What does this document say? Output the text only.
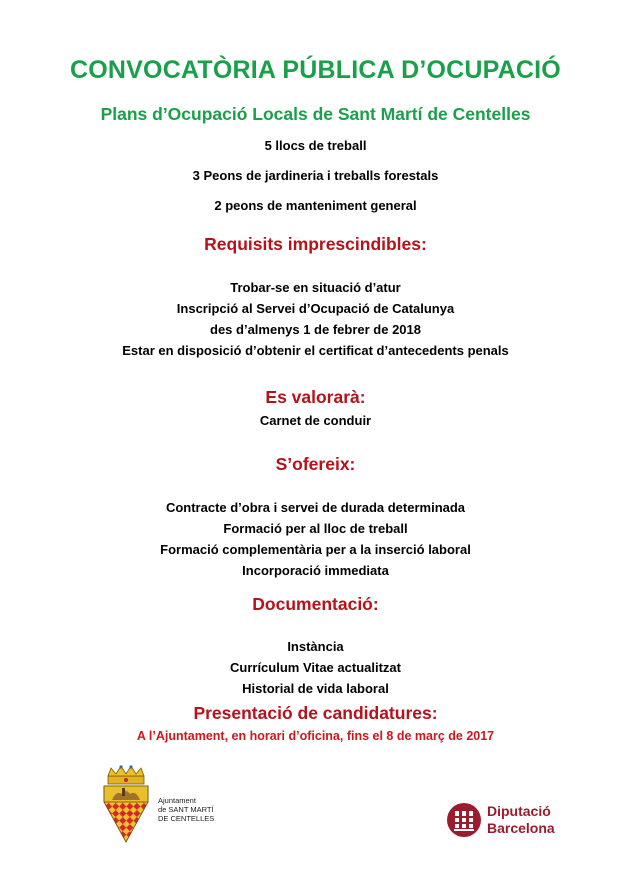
CONVOCATÒRIA PÚBLICA D’OCUPACIÓ
Plans d’Ocupació Locals de Sant Martí de Centelles
5 llocs de treball
3 Peons de jardineria i treballs forestals
2 peons de manteniment general
Requisits imprescindibles:
Trobar-se en situació d’atur
Inscripció al Servei d’Ocupació de Catalunya
des d’almenys 1 de febrer de 2018
Estar en disposició d’obtenir el certificat d’antecedents penals
Es valorarà:
Carnet de conduir
S’ofereix:
Contracte d’obra i servei de durada determinada
Formació per al lloc de treball
Formació complementària per a la inserció laboral
Incorporació immediata
Documentació:
Instància
Currículum Vitae actualitzat
Historial de vida laboral
Presentació de candidatures:
A l’Ajuntament, en horari d’oficina, fins el 8 de març de 2017
Ajuntament
de SANT MARTÍ
DE CENTELLES	Diputació
Barcelona
